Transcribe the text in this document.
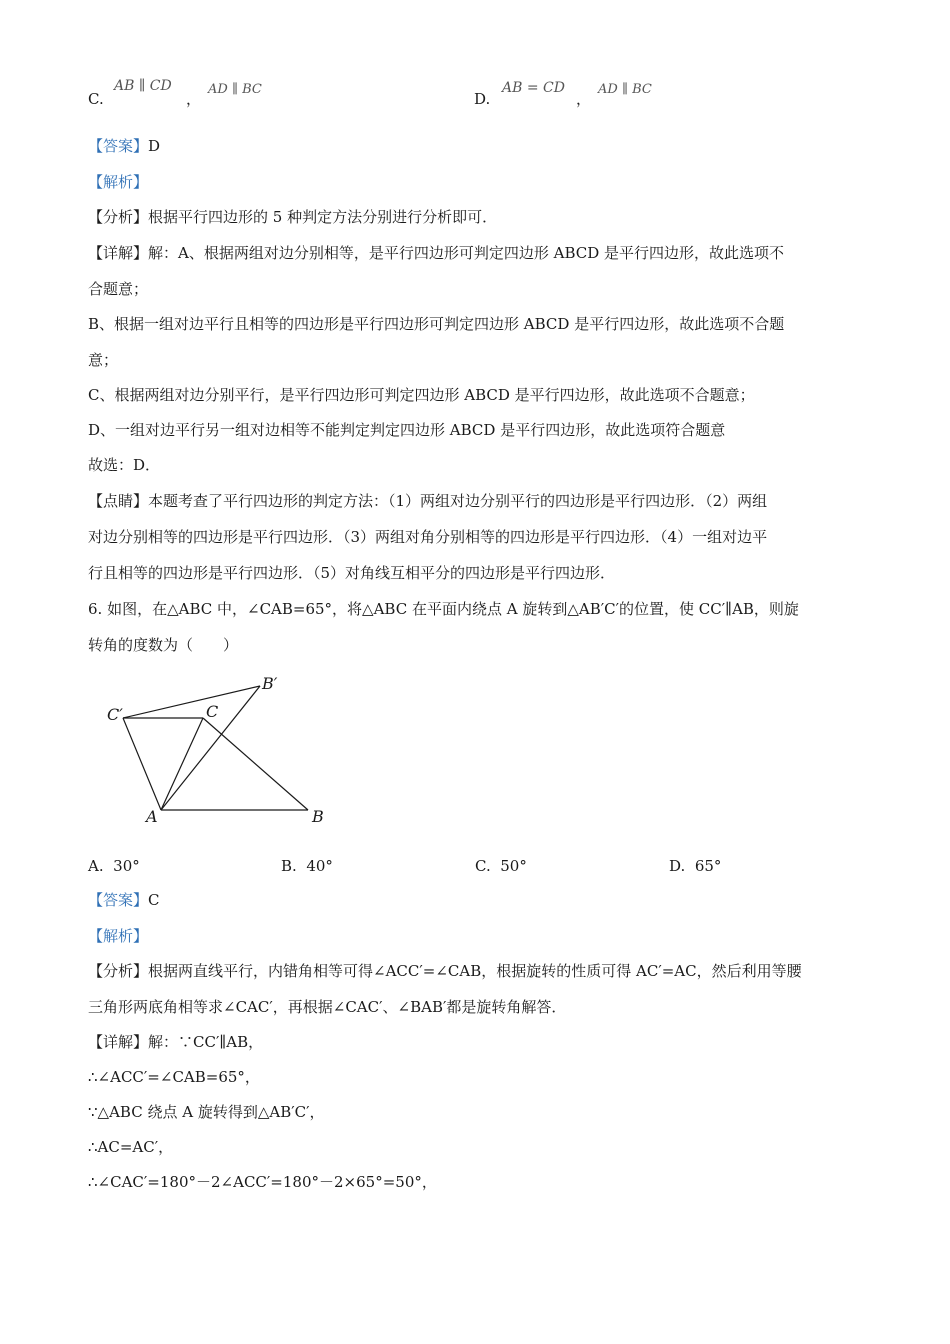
C.
AB ∥ CD
，
AD ∥ BC
D.
AB = CD
，
AD ∥ BC
【答案】D
【解析】
【分析】根据平行四边形的 5 种判定方法分别进行分析即可．
【详解】解：A、根据两组对边分别相等，是平行四边形可判定四边形 ABCD 是平行四边形，故此选项不
合题意；
B、根据一组对边平行且相等的四边形是平行四边形可判定四边形 ABCD 是平行四边形，故此选项不合题
意；
C、根据两组对边分别平行，是平行四边形可判定四边形 ABCD 是平行四边形，故此选项不合题意；
D、一组对边平行另一组对边相等不能判定判定四边形 ABCD 是平行四边形，故此选项符合题意
故选：D．
【点睛】本题考查了平行四边形的判定方法：（1）两组对边分别平行的四边形是平行四边形．（2）两组
对边分别相等的四边形是平行四边形．（3）两组对角分别相等的四边形是平行四边形．（4）一组对边平
行且相等的四边形是平行四边形．（5）对角线互相平分的四边形是平行四边形．
6. 如图，在△ABC 中，∠CAB=65°，将△ABC 在平面内绕点 A 旋转到△AB′C′的位置，使 CC′∥AB，则旋
转角的度数为（　　）
B′
C′	C
A	B
A. 30°	B. 40°	C. 50°	D. 65°
【答案】C
【解析】
【分析】根据两直线平行，内错角相等可得∠ACC′=∠CAB，根据旋转的性质可得 AC′=AC，然后利用等腰
三角形两底角相等求∠CAC′，再根据∠CAC′、∠BAB′都是旋转角解答．
【详解】解：∵CC′∥AB，
∴∠ACC′=∠CAB=65°，
∵△ABC 绕点 A 旋转得到△AB′C′，
∴AC=AC′，
∴∠CAC′=180°－2∠ACC′=180°－2×65°=50°，
